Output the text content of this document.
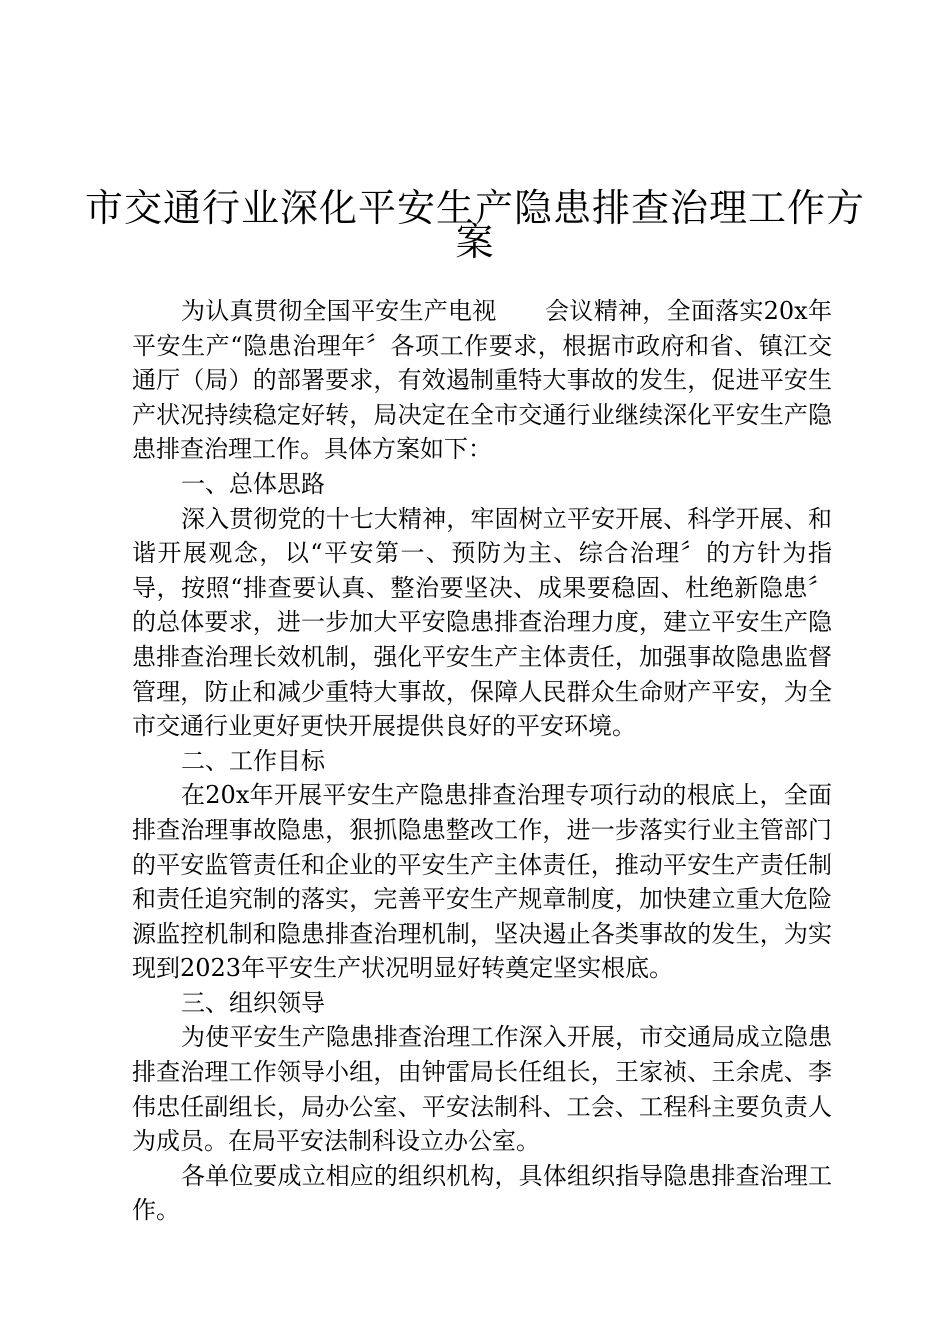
市交通行业深化平安生产隐患排查治理工作方
案

为认真贯彻全国平安生产电视　　会议精神，全面落实20x年平安生产“隐患治理年〞各项工作要求，根据市政府和省、镇江交通厅（局）的部署要求，有效遏制重特大事故的发生，促进平安生产状况持续稳定好转，局决定在全市交通行业继续深化平安生产隐患排查治理工作。具体方案如下：

一、总体思路

深入贯彻党的十七大精神，牢固树立平安开展、科学开展、和谐开展观念，以“平安第一、预防为主、综合治理〞的方针为指导，按照“排查要认真、整治要坚决、成果要稳固、杜绝新隐患〞的总体要求，进一步加大平安隐患排查治理力度，建立平安生产隐患排查治理长效机制，强化平安生产主体责任，加强事故隐患监督管理，防止和减少重特大事故，保障人民群众生命财产平安，为全市交通行业更好更快开展提供良好的平安环境。

二、工作目标

在20x年开展平安生产隐患排查治理专项行动的根底上，全面排查治理事故隐患，狠抓隐患整改工作，进一步落实行业主管部门的平安监管责任和企业的平安生产主体责任，推动平安生产责任制和责任追究制的落实，完善平安生产规章制度，加快建立重大危险源监控机制和隐患排查治理机制，坚决遏止各类事故的发生，为实现到2023年平安生产状况明显好转奠定坚实根底。

三、组织领导

为使平安生产隐患排查治理工作深入开展，市交通局成立隐患排查治理工作领导小组，由钟雷局长任组长，王家祯、王余虎、李伟忠任副组长，局办公室、平安法制科、工会、工程科主要负责人为成员。在局平安法制科设立办公室。

各单位要成立相应的组织机构，具体组织指导隐患排查治理工作。
